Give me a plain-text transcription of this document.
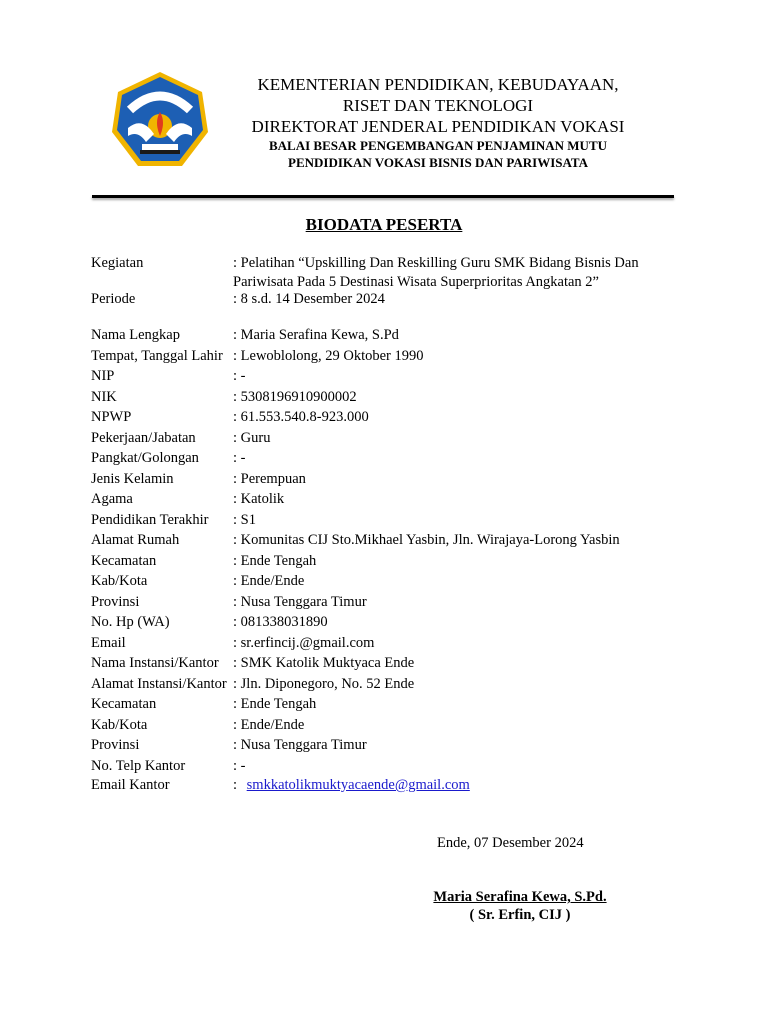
KEMENTERIAN PENDIDIKAN, KEBUDAYAAN,
RISET DAN TEKNOLOGI
DIREKTORAT JENDERAL PENDIDIKAN VOKASI
BALAI BESAR PENGEMBANGAN PENJAMINAN MUTU
PENDIDIKAN VOKASI BISNIS DAN PARIWISATA
BIODATA PESERTA
Kegiatan	: Pelatihan “Upskilling Dan Reskilling Guru SMK Bidang Bisnis Dan
Pariwisata Pada 5 Destinasi Wisata Superprioritas Angkatan 2”
Periode	: 8 s.d. 14 Desember 2024
Nama Lengkap	: Maria Serafina Kewa, S.Pd
Tempat, Tanggal Lahir : Lewoblolong, 29 Oktober 1990
NIP	: -
NIK	: 5308196910900002
NPWP	: 61.553.540.8-923.000
Pekerjaan/Jabatan	: Guru
Pangkat/Golongan : -
Jenis Kelamin	: Perempuan
Agama	: Katolik
Pendidikan Terakhir : S1
Alamat Rumah	: Komunitas CIJ Sto.Mikhael Yasbin, Jln. Wirajaya-Lorong Yasbin
Kecamatan	: Ende Tengah
Kab/Kota	: Ende/Ende
Provinsi	: Nusa Tenggara Timur
No. Hp (WA)	: 081338031890
Email	: sr.erfincij.@gmail.com
Nama Instansi/Kantor : SMK Katolik Muktyaca Ende
Alamat Instansi/Kantor : Jln. Diponegoro, No. 52 Ende
Kecamatan	: Ende Tengah
Kab/Kota	: Ende/Ende
Provinsi	: Nusa Tenggara Timur
No. Telp Kantor	: -
Email Kantor	: smkkatolikmuktyacaende@gmail.com
Ende, 07 Desember 2024
Maria Serafina Kewa, S.Pd.
( Sr. Erfin, CIJ )
